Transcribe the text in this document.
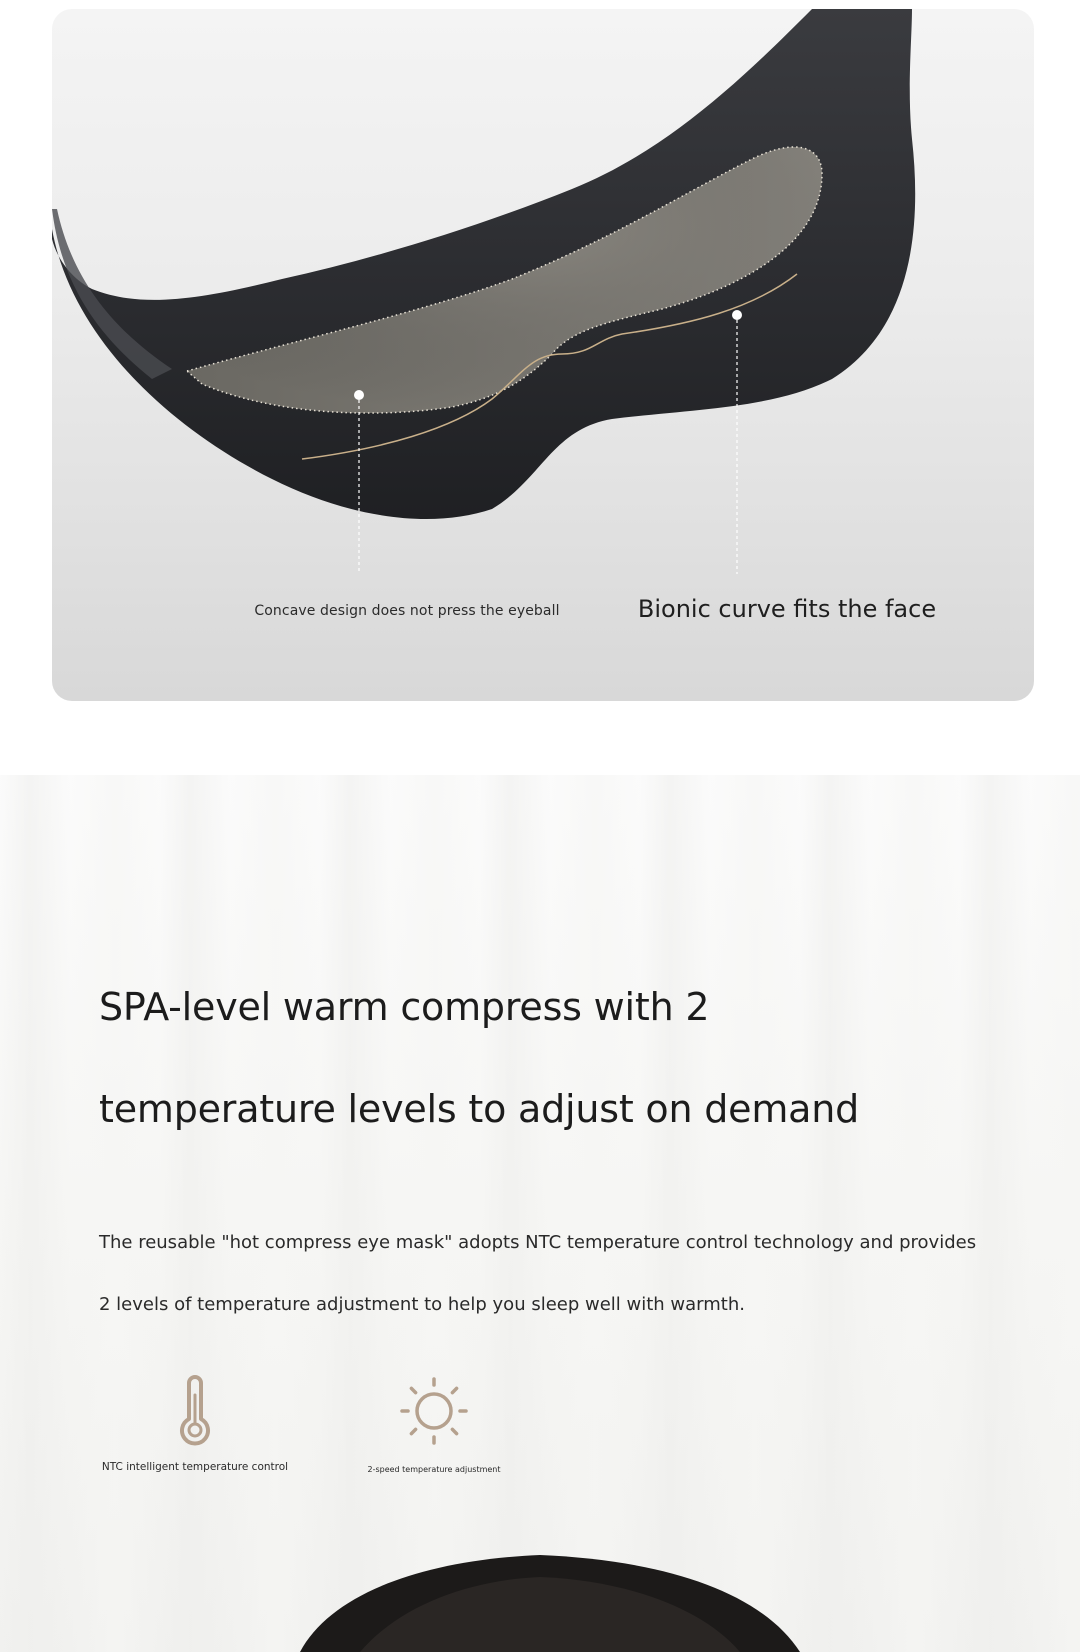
Concave design does not press the eyeball	Bionic curve fits the face
SPA-level warm compress with 2
temperature levels to adjust on demand
The reusable "hot compress eye mask" adopts NTC temperature control technology and provides
2 levels of temperature adjustment to help you sleep well with warmth.
NTC intelligent temperature control	2-speed temperature adjustment
